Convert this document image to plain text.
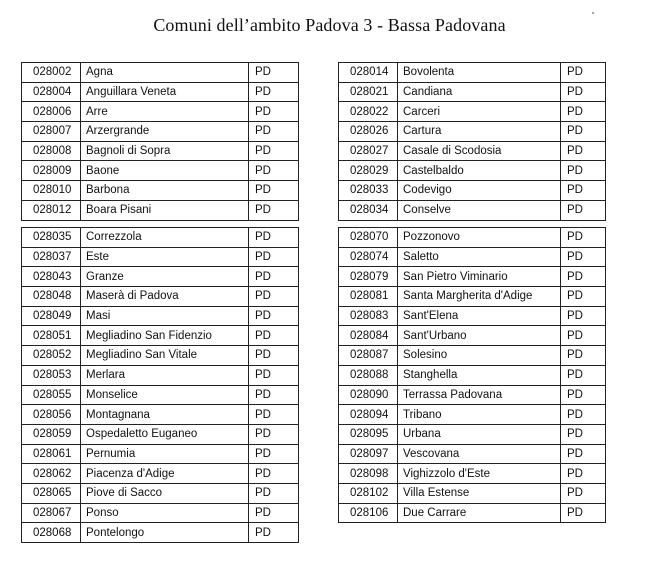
Comuni dell’ambito Padova 3 - Bassa Padovana
028002	Agna	PD
028004	Anguillara Veneta	PD
028006	Arre	PD
028007	Arzergrande	PD
028008	Bagnoli di Sopra	PD
028009	Baone	PD
028010	Barbona	PD
028012	Boara Pisani	PD
028014	Bovolenta	PD
028021	Candiana	PD
028022	Carceri	PD
028026	Cartura	PD
028027	Casale di Scodosia	PD
028029	Castelbaldo	PD
028033	Codevigo	PD
028034	Conselve	PD
028035	Correzzola	PD
028037	Este	PD
028043	Granze	PD
028048	Maserà di Padova	PD
028049	Masi	PD
028051	Megliadino San Fidenzio	PD
028052	Megliadino San Vitale	PD
028053	Merlara	PD
028055	Monselice	PD
028056	Montagnana	PD
028059	Ospedaletto Euganeo	PD
028061	Pernumia	PD
028062	Piacenza d'Adige	PD
028065	Piove di Sacco	PD
028067	Ponso	PD
028068	Pontelongo	PD
028070	Pozzonovo	PD
028074	Saletto	PD
028079	San Pietro Viminario	PD
028081	Santa Margherita d'Adige	PD
028083	Sant'Elena	PD
028084	Sant'Urbano	PD
028087	Solesino	PD
028088	Stanghella	PD
028090	Terrassa Padovana	PD
028094	Tribano	PD
028095	Urbana	PD
028097	Vescovana	PD
028098	Vighizzolo d'Este	PD
028102	Villa Estense	PD
028106	Due Carrare	PD
